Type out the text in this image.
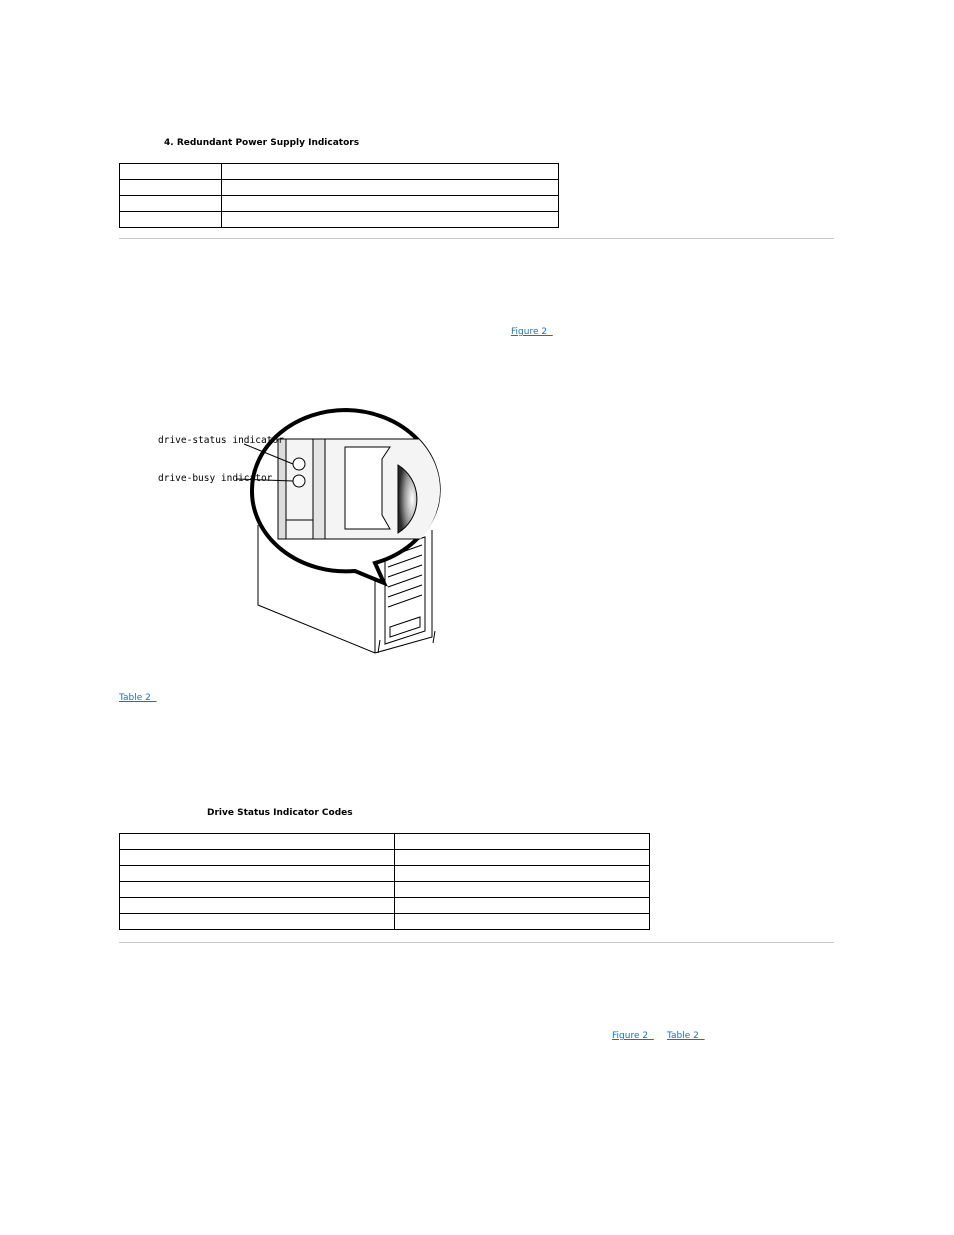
4. Redundant Power Supply Indicators

Figure 2
drive-status indicator
drive-busy indicator
Table 2
Drive Status Indicator Codes

Figure 2 Table 2
